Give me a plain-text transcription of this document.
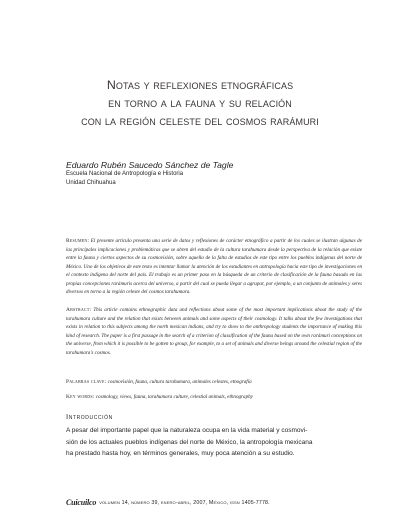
Notas y reflexiones etnográficas
en torno a la fauna y su relación
con la región celeste del cosmos rarámuri
Eduardo Rubén Saucedo Sánchez de Tagle
Escuela Nacional de Antropología e Historia
Unidad Chihuahua
Resumen: El presente artículo presenta una serie de datos y reflexiones de carácter etnográfico a partir de los cuales se ilustran algunas de las principales implicaciones y problemáticas que se abren del estudio de la cultura tarahumara desde la perspectiva de la relación que existe entre la fauna y ciertos aspectos de su cosmovisión, sobre aquella de la falta de estudios de este tipo entre los pueblos indígenas del norte de México. Uno de los objetivos de este texto es intentar llamar la atención de los estudiantes en antropología hacia este tipo de investigaciones en el contexto indígena del norte del país. El trabajo es un primer paso en la búsqueda de un criterio de clasificación de la fauna basado en las propias concepciones rarámuris acerca del universo, a partir del cual se pueda llegar a agrupar, por ejemplo, a un conjunto de animales y seres diversos en torno a la región celeste del cosmos tarahumara.
Abstract: This article contains ethnographic data and reflections about some of the most important implications about the study of the tarahumara culture and the relation that exists between animals and some aspects of their cosmology. It talks about the few investigations that exists in relation to this subjects among the north mexican indians, and try to show to the anthropology students the importance of making this kind of research. The paper is a first passage in the search of a criterion of classification of the fauna based on the own rarámuri conceptions on the universe, from which it is possible to be gotten to group, for example, to a set of animals and diverse beings around the celestial region of the tarahumara's cosmos.
Palabras clave: cosmovisión, fauna, cultura tarahumara, animales celestes, etnografía
Key words: cosmology, views, fauna, tarahumara culture, celestial animals, ethnography
Introducción
A pesar del importante papel que la naturaleza ocupa en la vida material y cosmovi-
sión de los actuales pueblos indígenas del norte de México, la antropología mexicana
ha prestado hasta hoy, en términos generales, muy poca atención a su estudio.
Cuicuilco volumen 14, número 39, enero-abril, 2007, México, issn 1405-7778.
